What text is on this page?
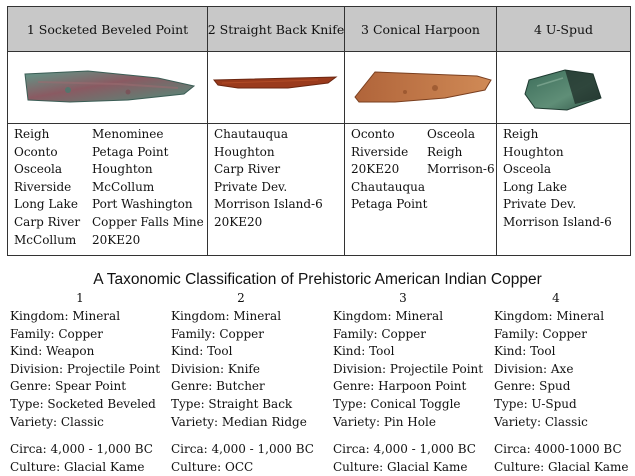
1 Socketed Beveled Point
Reigh
Oconto
Osceola
Riverside
Long Lake
Carp River
McCollum
Menominee
Petaga Point
Houghton
McCollum
Port Washington
Copper Falls Mine
20KE20
2 Straight Back Knife
Chautauqua
Houghton
Carp River
Private Dev.
Morrison Island-6
20KE20
3 Conical Harpoon
Oconto
Riverside
20KE20
Chautauqua
Petaga Point
Osceola
Reigh
Morrison-6
4 U-Spud
Reigh
Houghton
Osceola
Long Lake
Private Dev.
Morrison Island-6
A Taxonomic Classification of Prehistoric American Indian Copper
1
Kingdom: Mineral
Family: Copper
Kind: Weapon
Division: Projectile Point
Genre: Spear Point
Type: Socketed Beveled
Variety: Classic
Circa: 4,000 - 1,000 BC
Culture: Glacial Kame
2
Kingdom: Mineral
Family: Copper
Kind: Tool
Division: Knife
Genre: Butcher
Type: Straight Back
Variety: Median Ridge
Circa: 4,000 - 1,000 BC
Culture: OCC
3
Kingdom: Mineral
Family: Copper
Kind: Tool
Division: Projectile Point
Genre: Harpoon Point
Type: Conical Toggle
Variety: Pin Hole
Circa: 4,000 - 1,000 BC
Culture: Glacial Kame
4
Kingdom: Mineral
Family: Copper
Kind: Tool
Division: Axe
Genre: Spud
Type: U-Spud
Variety: Classic
Circa: 4000-1000 BC
Culture: Glacial Kame
